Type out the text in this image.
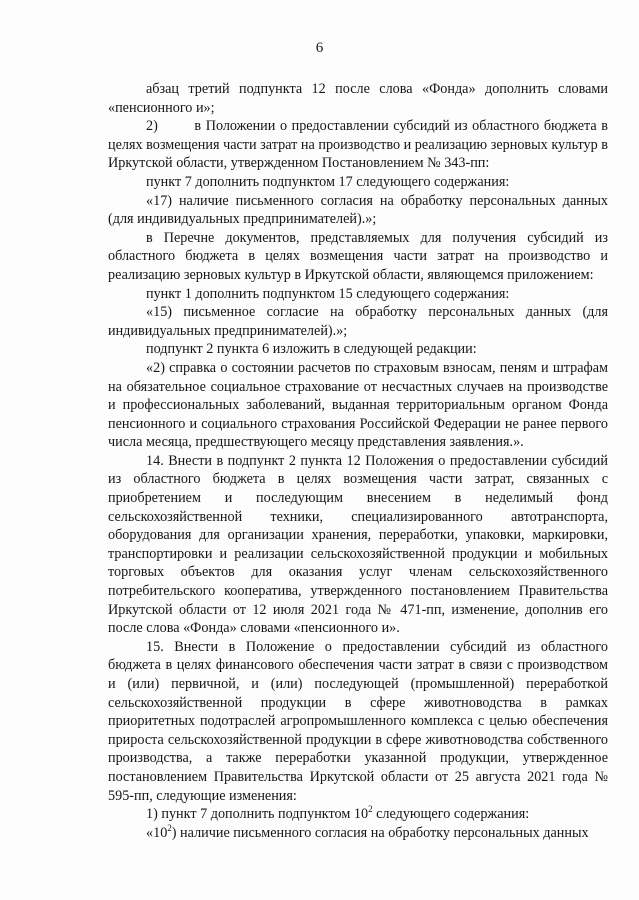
6

абзац третий подпункта 12 после слова «Фонда» дополнить словами «пенсионного и»;

2)        в Положении о предоставлении субсидий из областного бюджета в целях возмещения части затрат на производство и реализацию зерновых культур в Иркутской области, утвержденном Постановлением № 343-пп:

пункт 7 дополнить подпунктом 17 следующего содержания:

«17) наличие письменного согласия на обработку персональных данных (для индивидуальных предпринимателей).»;

в Перечне документов, представляемых для получения субсидий из областного бюджета в целях возмещения части затрат на производство и реализацию зерновых культур в Иркутской области, являющемся приложением:

пункт 1 дополнить подпунктом 15 следующего содержания:

«15) письменное согласие на обработку персональных данных (для индивидуальных предпринимателей).»;

подпункт 2 пункта 6 изложить в следующей редакции:

«2) справка о состоянии расчетов по страховым взносам, пеням и штрафам на обязательное социальное страхование от несчастных случаев на производстве и профессиональных заболеваний, выданная территориальным органом Фонда пенсионного и социального страхования Российской Федерации не ранее первого числа месяца, предшествующего месяцу представления заявления.».

14. Внести в подпункт 2 пункта 12 Положения о предоставлении субсидий из областного бюджета в целях возмещения части затрат, связанных с приобретением и последующим внесением в неделимый фонд сельскохозяйственной техники, специализированного автотранспорта, оборудования для организации хранения, переработки, упаковки, маркировки, транспортировки и реализации сельскохозяйственной продукции и мобильных торговых объектов для оказания услуг членам сельскохозяйственного потребительского кооператива, утвержденного постановлением Правительства Иркутской области от 12 июля 2021 года № 471-пп, изменение, дополнив его после слова «Фонда» словами «пенсионного и».

15. Внести в Положение о предоставлении субсидий из областного бюджета в целях финансового обеспечения части затрат в связи с производством и (или) первичной, и (или) последующей (промышленной) переработкой сельскохозяйственной продукции в сфере животноводства в рамках приоритетных подотраслей агропромышленного комплекса с целью обеспечения прироста сельскохозяйственной продукции в сфере животноводства собственного производства, а также переработки указанной продукции, утвержденное постановлением Правительства Иркутской области от 25 августа 2021 года № 595-пп, следующие изменения:

1) пункт 7 дополнить подпунктом $10^2$ следующего содержания:

«$10^2$) наличие письменного согласия на обработку персональных данных
